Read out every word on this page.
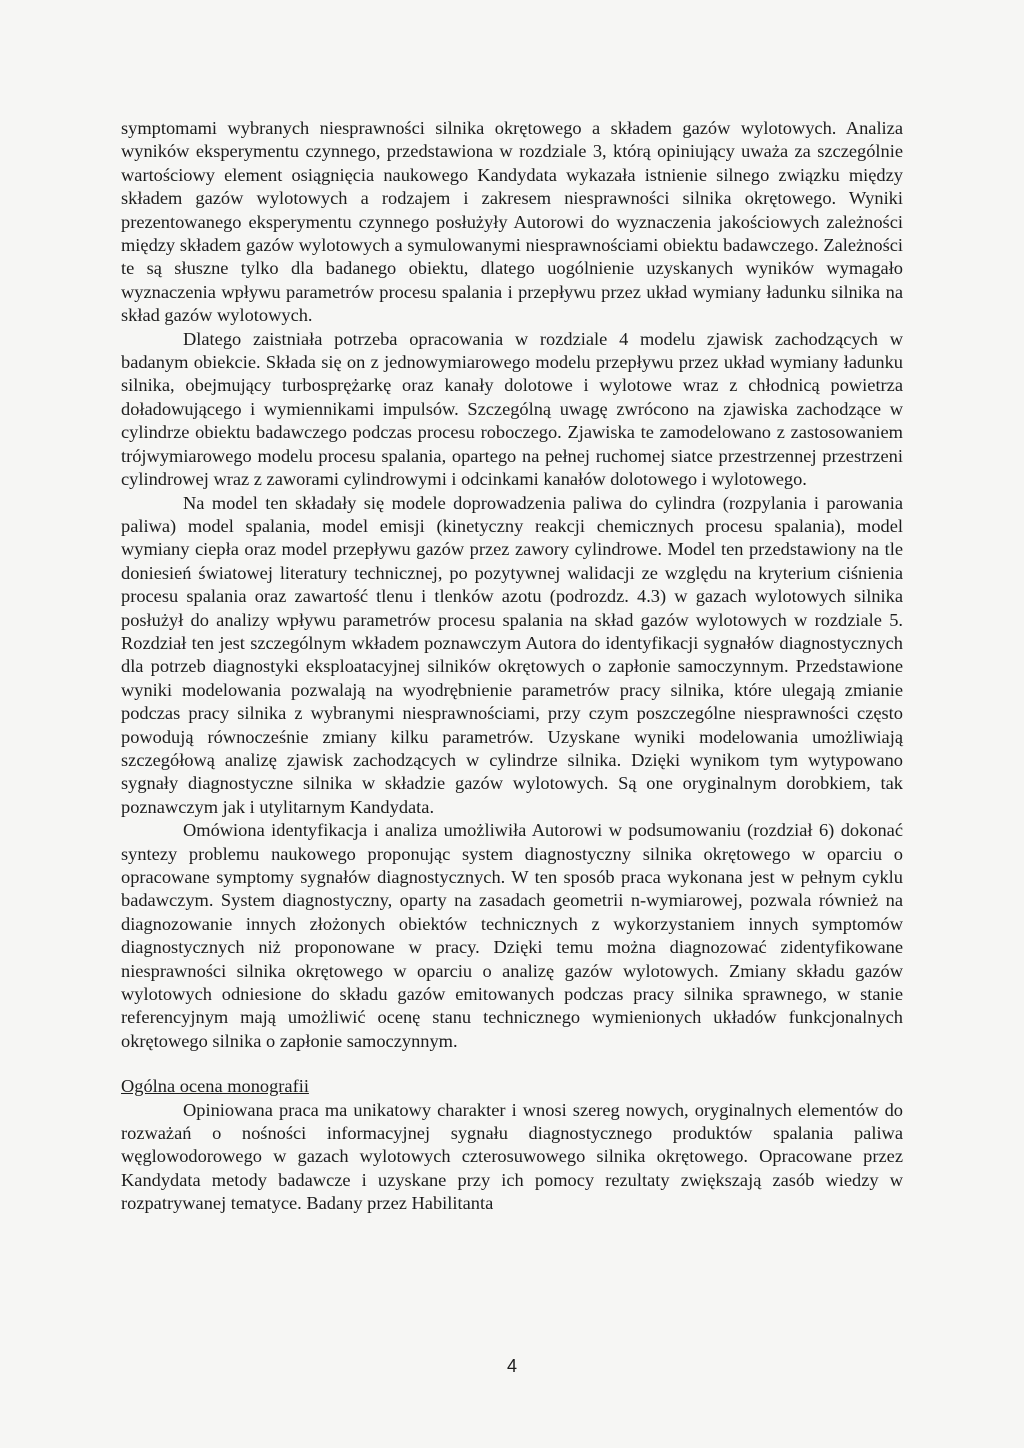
symptomami wybranych niesprawności silnika okrętowego a składem gazów wylotowych. Analiza wyników eksperymentu czynnego, przedstawiona w rozdziale 3, którą opiniujący uważa za szczególnie wartościowy element osiągnięcia naukowego Kandydata wykazała istnienie silnego związku między składem gazów wylotowych a rodzajem i zakresem niesprawności silnika okrętowego. Wyniki prezentowanego eksperymentu czynnego posłużyły Autorowi do wyznaczenia jakościowych zależności między składem gazów wylotowych a symulowanymi niesprawnościami obiektu badawczego. Zależności te są słuszne tylko dla badanego obiektu, dlatego uogólnienie uzyskanych wyników wymagało wyznaczenia wpływu parametrów procesu spalania i przepływu przez układ wymiany ładunku silnika na skład gazów wylotowych.

Dlatego zaistniała potrzeba opracowania w rozdziale 4 modelu zjawisk zachodzących w badanym obiekcie. Składa się on z jednowymiarowego modelu przepływu przez układ wymiany ładunku silnika, obejmujący turbosprężarkę oraz kanały dolotowe i wylotowe wraz z chłodnicą powietrza doładowującego i wymiennikami impulsów. Szczególną uwagę zwrócono na zjawiska zachodzące w cylindrze obiektu badawczego podczas procesu roboczego. Zjawiska te zamodelowano z zastosowaniem trójwymiarowego modelu procesu spalania, opartego na pełnej ruchomej siatce przestrzennej przestrzeni cylindrowej wraz z zaworami cylindrowymi i odcinkami kanałów dolotowego i wylotowego.

Na model ten składały się modele doprowadzenia paliwa do cylindra (rozpylania i parowania paliwa) model spalania, model emisji (kinetyczny reakcji chemicznych procesu spalania), model wymiany ciepła oraz model przepływu gazów przez zawory cylindrowe. Model ten przedstawiony na tle doniesień światowej literatury technicznej, po pozytywnej walidacji ze względu na kryterium ciśnienia procesu spalania oraz zawartość tlenu i tlenków azotu (podrozdz. 4.3) w gazach wylotowych silnika posłużył do analizy wpływu parametrów procesu spalania na skład gazów wylotowych w rozdziale 5. Rozdział ten jest szczególnym wkładem poznawczym Autora do identyfikacji sygnałów diagnostycznych dla potrzeb diagnostyki eksploatacyjnej silników okrętowych o zapłonie samoczynnym. Przedstawione wyniki modelowania pozwalają na wyodrębnienie parametrów pracy silnika, które ulegają zmianie podczas pracy silnika z wybranymi niesprawnościami, przy czym poszczególne niesprawności często powodują równocześnie zmiany kilku parametrów. Uzyskane wyniki modelowania umożliwiają szczegółową analizę zjawisk zachodzących w cylindrze silnika. Dzięki wynikom tym wytypowano sygnały diagnostyczne silnika w składzie gazów wylotowych. Są one oryginalnym dorobkiem, tak poznawczym jak i utylitarnym Kandydata.

Omówiona identyfikacja i analiza umożliwiła Autorowi w podsumowaniu (rozdział 6) dokonać syntezy problemu naukowego proponując system diagnostyczny silnika okrętowego w oparciu o opracowane symptomy sygnałów diagnostycznych. W ten sposób praca wykonana jest w pełnym cyklu badawczym. System diagnostyczny, oparty na zasadach geometrii n-wymiarowej, pozwala również na diagnozowanie innych złożonych obiektów technicznych z wykorzystaniem innych symptomów diagnostycznych niż proponowane w pracy. Dzięki temu można diagnozować zidentyfikowane niesprawności silnika okrętowego w oparciu o analizę gazów wylotowych. Zmiany składu gazów wylotowych odniesione do składu gazów emitowanych podczas pracy silnika sprawnego, w stanie referencyjnym mają umożliwić ocenę stanu technicznego wymienionych układów funkcjonalnych okrętowego silnika o zapłonie samoczynnym.

Ogólna ocena monografii

Opiniowana praca ma unikatowy charakter i wnosi szereg nowych, oryginalnych elementów do rozważań o nośności informacyjnej sygnału diagnostycznego produktów spalania paliwa węglowodorowego w gazach wylotowych czterosuwowego silnika okrętowego. Opracowane przez Kandydata metody badawcze i uzyskane przy ich pomocy rezultaty zwiększają zasób wiedzy w rozpatrywanej tematyce. Badany przez Habilitanta

4
